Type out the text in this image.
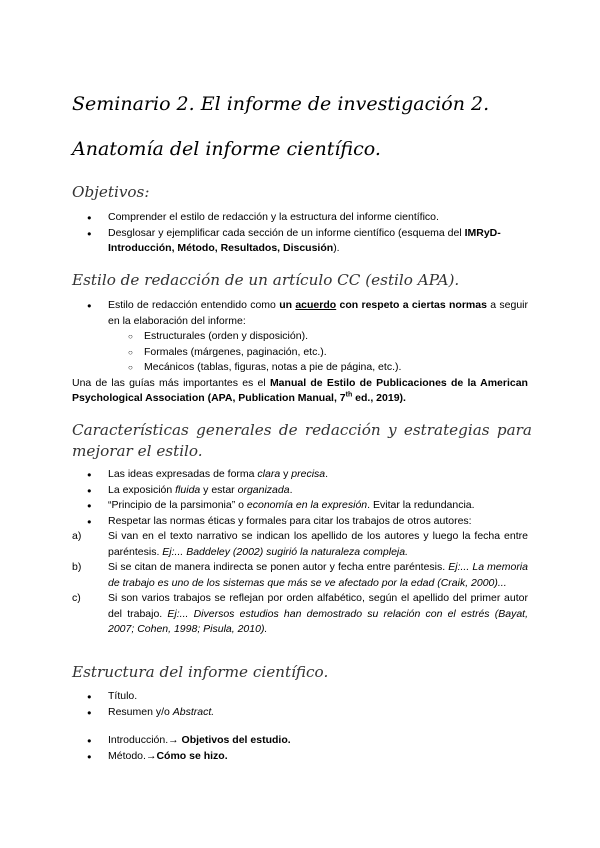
Seminario 2. El informe de investigación 2.
Anatomía del informe científico.
Objetivos:
● Comprender el estilo de redacción y la estructura del informe científico.
● Desglosar y ejemplificar cada sección de un informe científico (esquema del IMRyD- Introducción, Método, Resultados, Discusión).
Estilo de redacción de un artículo CC (estilo APA).
● Estilo de redacción entendido como un acuerdo con respeto a ciertas normas a seguir en la elaboración del informe:
○ Estructurales (orden y disposición).
○ Formales (márgenes, paginación, etc.).
○ Mecánicos (tablas, figuras, notas a pie de página, etc.).
Una de las guías más importantes es el Manual de Estilo de Publicaciones de la American Psychological Association (APA, Publication Manual, 7th ed., 2019).
Características generales de redacción y estrategias para mejorar el estilo.
● Las ideas expresadas de forma clara y precisa.
● La exposición fluida y estar organizada.
● “Principio de la parsimonia” o economía en la expresión. Evitar la redundancia.
● Respetar las normas éticas y formales para citar los trabajos de otros autores:
a)	Si van en el texto narrativo se indican los apellido de los autores y luego la fecha entre paréntesis. Ej:... Baddeley (2002) sugirió la naturaleza compleja.
b)	Si se citan de manera indirecta se ponen autor y fecha entre paréntesis. Ej:... La memoria de trabajo es uno de los sistemas que más se ve afectado por la edad (Craik, 2000)...
c)	Si son varios trabajos se reflejan por orden alfabético, según el apellido del primer autor del trabajo. Ej:... Diversos estudios han demostrado su relación con el estrés (Bayat, 2007; Cohen, 1998; Pisula, 2010).
Estructura del informe científico.
● Título.
● Resumen y/o Abstract.
● Introducción.→ Objetivos del estudio.
● Método.→Cómo se hizo.
